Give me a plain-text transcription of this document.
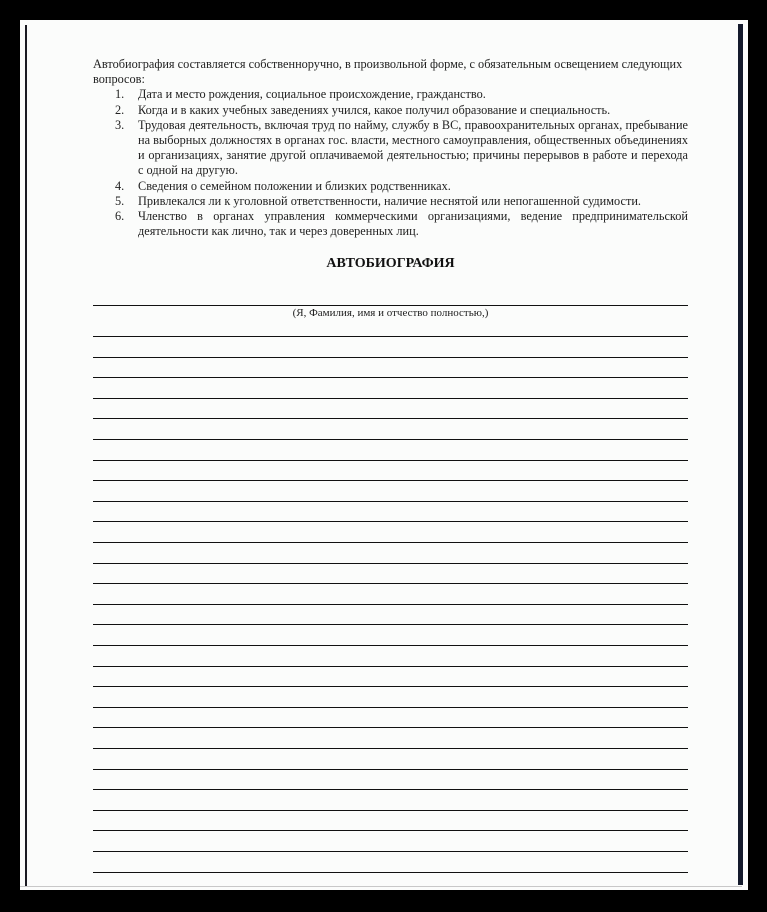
Автобиография составляется собственноручно, в произвольной форме, с обязательным освещением следующих вопросов:

1. Дата и место рождения, социальное происхождение, гражданство.
2. Когда и в каких учебных заведениях учился, какое получил образование и специальность.
3. Трудовая деятельность, включая труд по найму, службу в ВС, правоохранительных органах, пребывание на выборных должностях в органах гос. власти, местного самоуправления, общественных объединениях и организациях, занятие другой оплачиваемой деятельностью; причины перерывов в работе и перехода с одной на другую.
4. Сведения о семейном положении и близких родственниках.
5. Привлекался ли к уголовной ответственности, наличие неснятой или непогашенной судимости.
6. Членство в органах управления коммерческими организациями, ведение предпринимательской деятельности как лично, так и через доверенных лиц.
АВТОБИОГРАФИЯ
(Я, Фамилия, имя и отчество полностью,)
